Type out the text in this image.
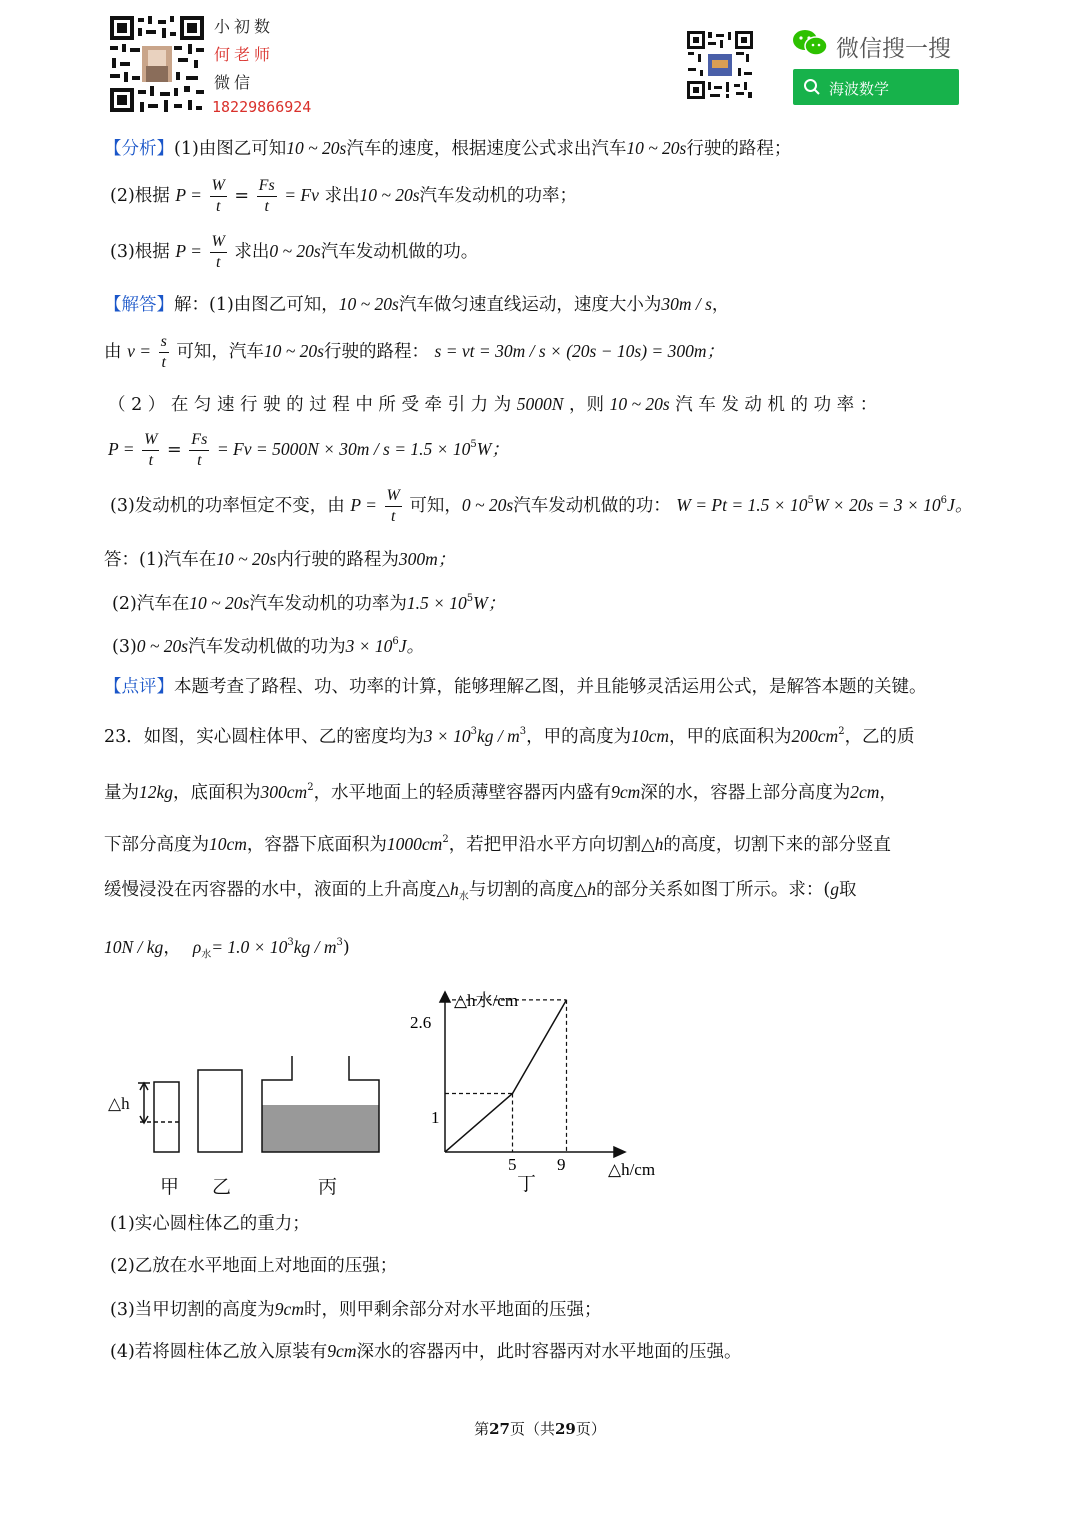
小初数
何老师
微信
18229866924
微信搜一搜
海波数学
【分析】(1)由图乙可知10 ~ 20s汽车的速度，根据速度公式求出汽车10 ~ 20s行驶的路程；
(2)根据 $P = \frac{W}{t} = \frac{Fs}{t} = Fv$ 求出10 ~ 20s汽车发动机的功率；
(3)根据 $P = \frac{W}{t}$ 求出0 ~ 20s汽车发动机做的功。
【解答】解：(1)由图乙可知，10 ~ 20s汽车做匀速直线运动，速度大小为30m / s，
由 $v = \frac{s}{t}$ 可知，汽车10 ~ 20s行驶的路程： s = vt = 30m / s × (20s − 10s) = 300m；
（ 2 ） 在 匀 速 行 驶 的 过 程 中 所 受 牵 引 力 为 5000N ，则 10 ~ 20s 汽 车 发 动 机 的 功 率 ：
$P = \frac{W}{t} = \frac{Fs}{t} = Fv = 5000N \times 30m / s = 1.5 \times 10^5W$；
(3)发动机的功率恒定不变，由 $P = \frac{W}{t}$ 可知，0 ~ 20s汽车发动机做的功： $W = Pt = 1.5 \times 10^5W \times 20s = 3 \times 10^6J$。
答：(1)汽车在10 ~ 20s内行驶的路程为300m；
(2)汽车在10 ~ 20s汽车发动机的功率为$1.5 \times 10^5W$；
(3)0 ~ 20s汽车发动机做的功为$3 \times 10^6J$。
【点评】本题考查了路程、功、功率的计算，能够理解乙图，并且能够灵活运用公式，是解答本题的关键。
23．如图，实心圆柱体甲、乙的密度均为$3 \times 10^3kg / m^3$，甲的高度为10cm，甲的底面积为$200cm^2$，乙的质
量为12kg，底面积为$300cm^2$，水平地面上的轻质薄壁容器丙内盛有9cm深的水，容器上部分高度为2cm，
下部分高度为10cm，容器下底面积为$1000cm^2$，若把甲沿水平方向切割△h的高度，切割下来的部分竖直
缓慢浸没在丙容器的水中，液面的上升高度$\triangle h_水$与切割的高度△h的部分关系如图丁所示。求：(g取
10N / kg， $\rho_水= 1.0 \times 10^3kg / m^3$)
△h
甲 乙	丙
△h水/cm
△h/cm
2.6
1
5 9
丁
(1)实心圆柱体乙的重力；
(2)乙放在水平地面上对地面的压强；
(3)当甲切割的高度为9cm时，则甲剩余部分对水平地面的压强；
(4)若将圆柱体乙放入原装有9cm深水的容器丙中，此时容器丙对水平地面的压强。
第27页（共29页）
